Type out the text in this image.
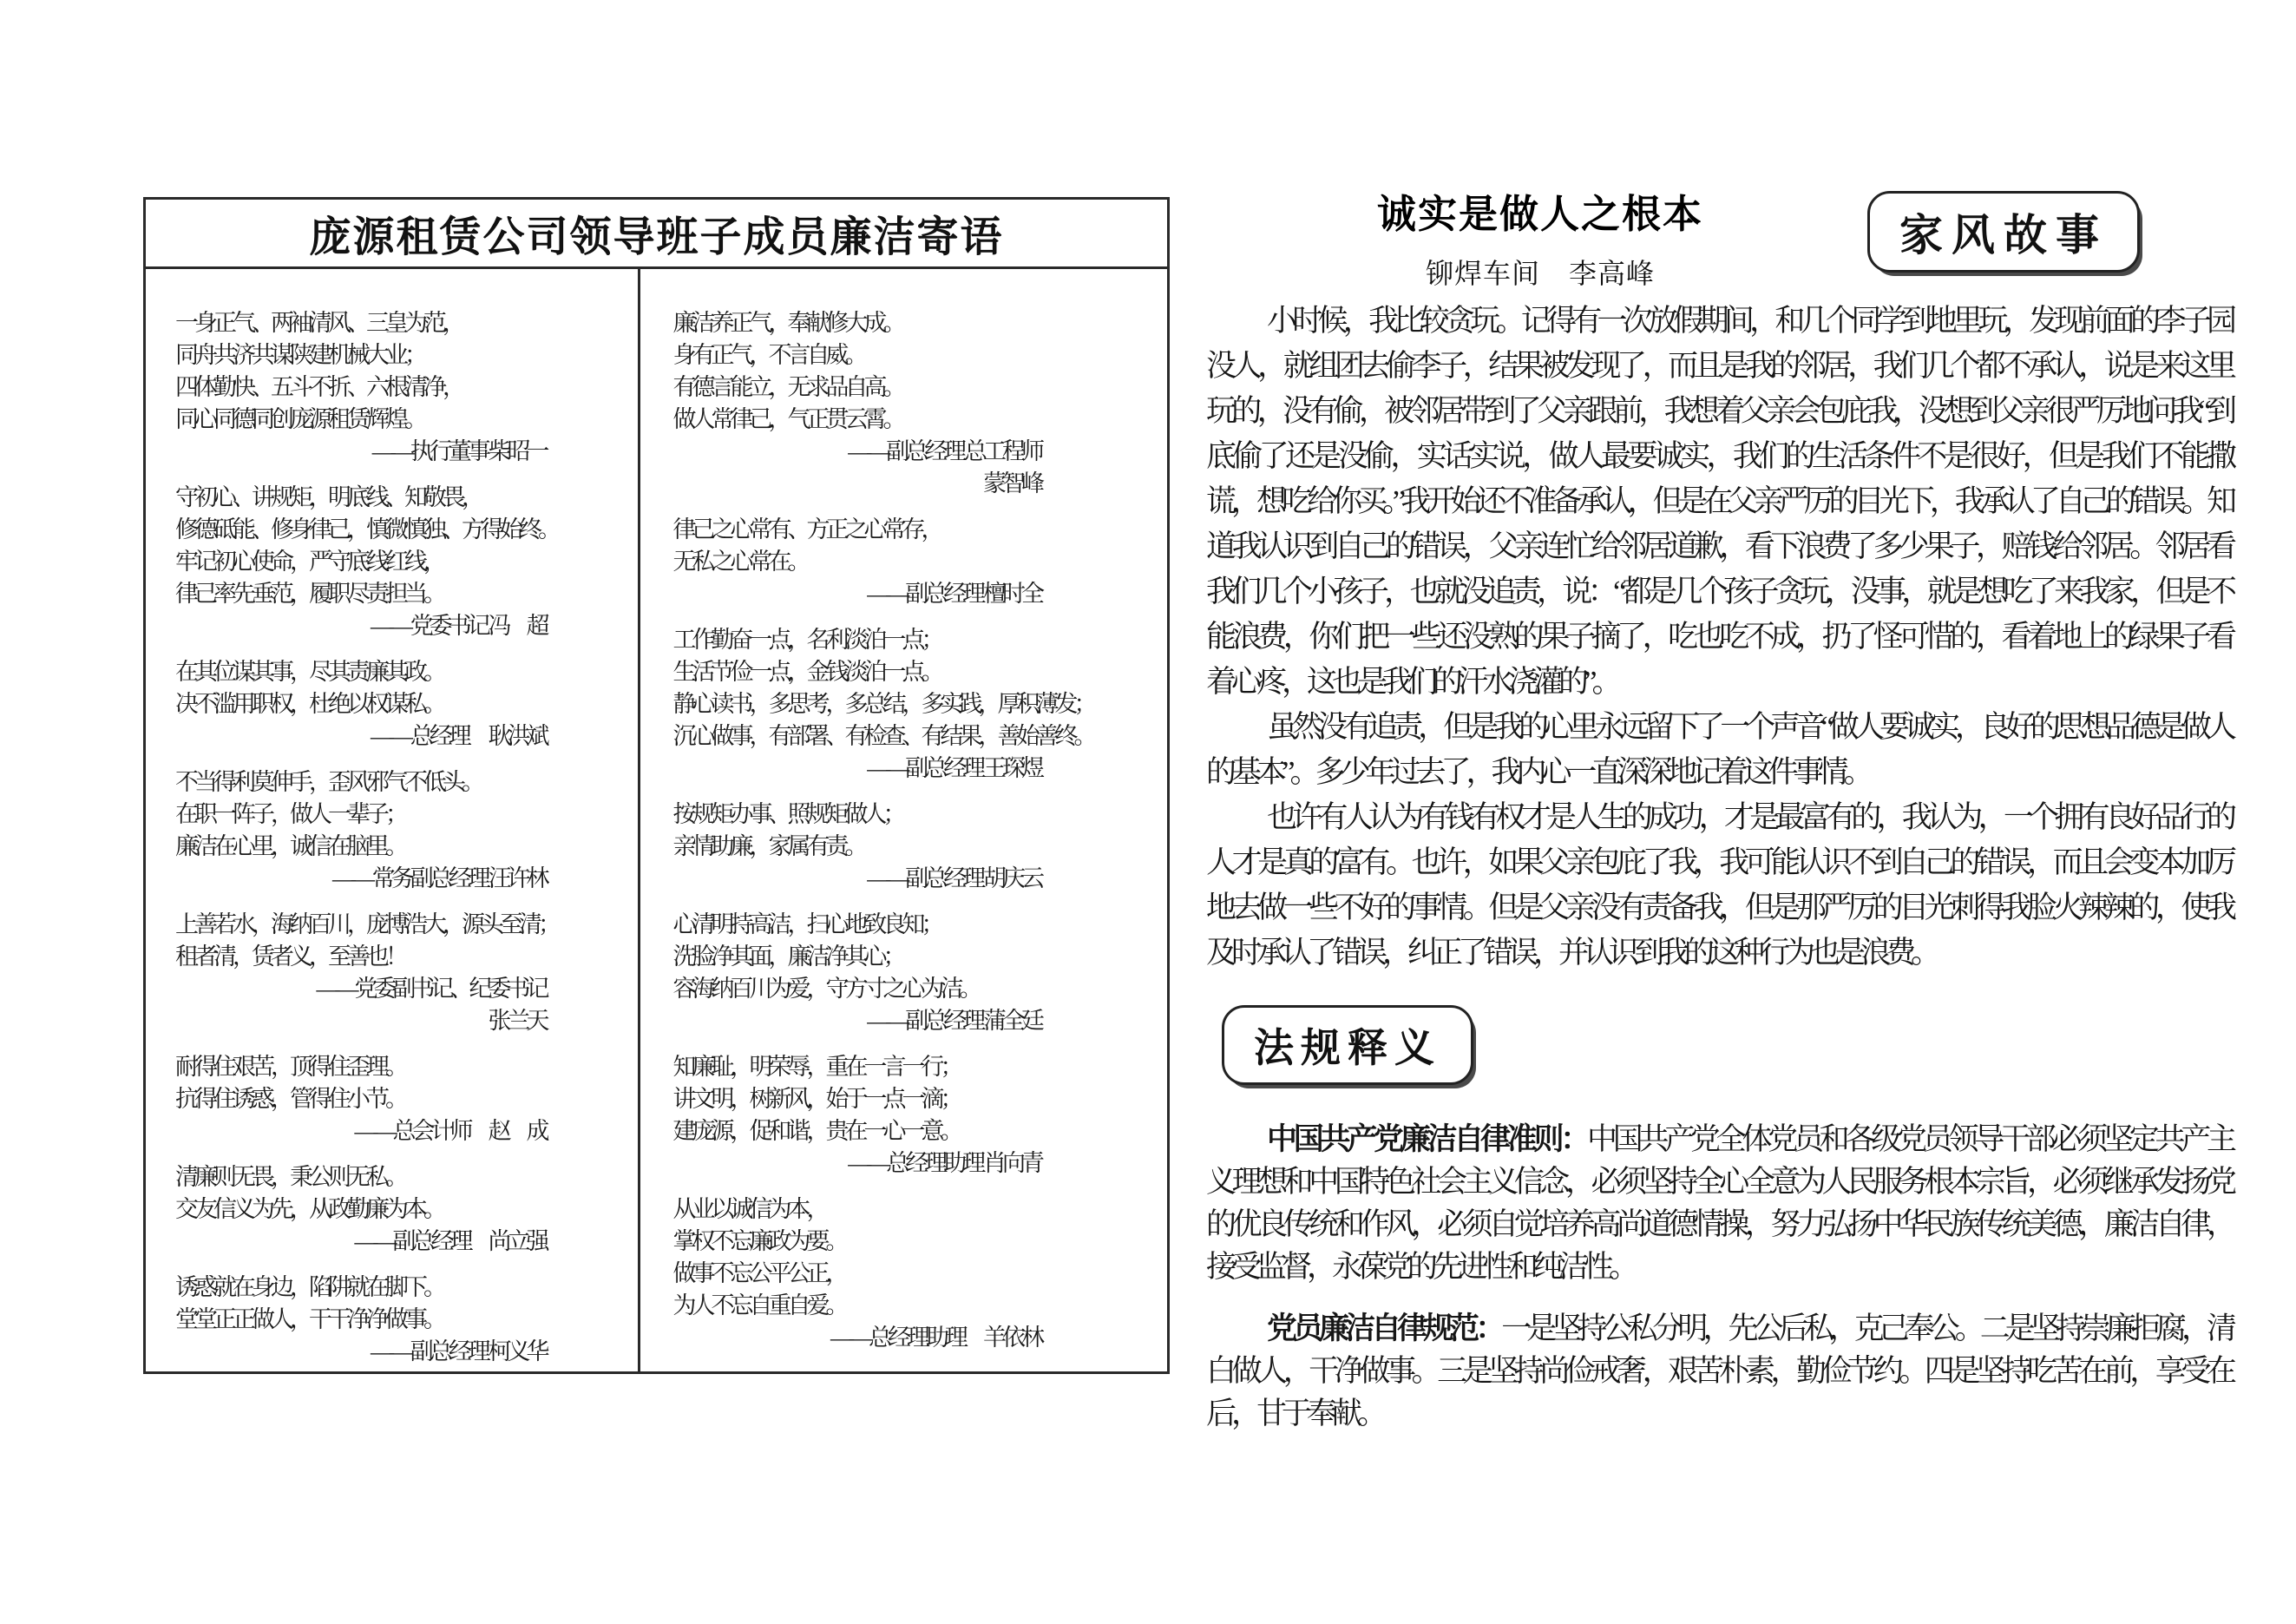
庞源租赁公司领导班子成员廉洁寄语
一身正气、两袖清风、三皇为范，
同舟共济共谋陕建机械大业；
四体勤快、五斗不折、六根清净，
同心同德同创庞源租赁辉煌。
——执行董事 柴昭一
守初心、讲规矩，明底线、知敬畏，
修德砥能、修身律己，慎微慎独、方得始终。
牢记初心使命，严守底线红线，
律己率先垂范，履职尽责担当。
—— 党委书记 冯　超
在其位谋其事，尽其责廉其政。
决不滥用职权，杜绝以权谋私。
—— 总经理　 耿洪斌
不当得利莫伸手，歪风邪气不低头。
在职一阵子，做人一辈子；
廉洁在心里，诚信在脑里。
—— 常务副总经理 汪许林
上善若水，海纳百川，庞博浩大，源头至清；
租者清，赁者义，至善也！
——党委副书记、纪委书记
张兰天
耐得住艰苦，顶得住歪理。
抗得住诱惑，管得住小节。
——总会计师　赵　成
清廉则无畏，秉公则无私。
交友信义为先，从政勤廉为本。
——副总经理　尚立强
诱惑就在身边，陷阱就在脚下。
堂堂正正做人，干干净净做事。
—— 副总经理 柯义华
廉洁养正气，奉献修大成。
身有正气，不言自威。
有德言能立，无求品自高。
做人常律己，气正贯云霄。
——副总经理 总工程师
蒙智峰
律己之心常有、方正之心常存，
无私之心常在。
——副总经理 檀时全
工作勤奋一点，名利淡泊一点；
生活节俭一点，金钱淡泊一点。
静心读书，多思考，多总结，多实践，厚积薄发；
沉心做事，有部署、有检查、有结果，善始善终。
——副总经理 王琛煜
按规矩办事、照规矩做人；
亲情助廉，家属有责。
——副总经理 胡庆云
心清明持高洁，扫心地致良知；
洗脸净其面，廉洁净其心；
容海纳百川为爱，守方寸之心为洁。
——副总经理 蒲全廷
知廉耻，明荣辱，重在一言一行；
讲文明，树新风，始于一点一滴；
建庞源，促和谐，贵在一心一意。
——总经理助理 肖向青
从业以诚信为本，
掌权不忘廉政为要。
做事不忘公平公正，
为人不忘自重自爱。
——总经理助理　羊依林
诚实是做人之根本
铆焊车间　李高峰
家风故事

小时候，我比较贪玩。记得有一次放假期间，和几个同学到地里玩，发现前面的李子园没人，就组团去偷李子，结果被发现了，而且是我的邻居，我们几个都不承认，说是来这里玩的，没有偷，被邻居带到了父亲跟前，我想着父亲会包庇我，没想到父亲很严厉地问我“到底偷了还是没偷，实话实说，做人最要诚实，我们的生活条件不是很好，但是我们不能撒谎，想吃给你买。”我开始还不准备承认，但是在父亲严厉的目光下，我承认了自己的错误。知道我认识到自己的错误，父亲连忙给邻居道歉，看下浪费了多少果子，赔钱给邻居。邻居看我们几个小孩子，也就没追责，说：“都是几个孩子贪玩，没事，就是想吃了来我家，但是不能浪费，你们把一些还没熟的果子摘了，吃也吃不成，扔了怪可惜的，看着地上的绿果子看着心疼，这也是我们的汗水浇灌的”。

虽然没有追责，但是我的心里永远留下了一个声音“做人要诚实，良好的思想品德是做人的基本”。多少年过去了，我内心一直深深地记着这件事情。

也许有人认为有钱有权才是人生的成功，才是最富有的，我认为，一个拥有良好品行的人才是真的富有。也许，如果父亲包庇了我，我可能认识不到自己的错误，而且会变本加厉地去做一些不好的事情。但是父亲没有责备我，但是那严厉的目光刺得我脸火辣辣的，使我及时承认了错误，纠正了错误，并认识到我的这种行为也是浪费。

法规释义

中国共产党廉洁自律准则：中国共产党全体党员和各级党员领导干部必须坚定共产主义理想和中国特色社会主义信念，必须坚持全心全意为人民服务根本宗旨，必须继承发扬党的优良传统和作风，必须自觉培养高尚道德情操，努力弘扬中华民族传统美德，廉洁自律，接受监督，永葆党的先进性和纯洁性。

党员廉洁自律规范：一是坚持公私分明，先公后私，克己奉公。二是坚持崇廉拒腐，清白做人，干净做事。三是坚持尚俭戒奢，艰苦朴素，勤俭节约。四是坚持吃苦在前，享受在后，甘于奉献。
